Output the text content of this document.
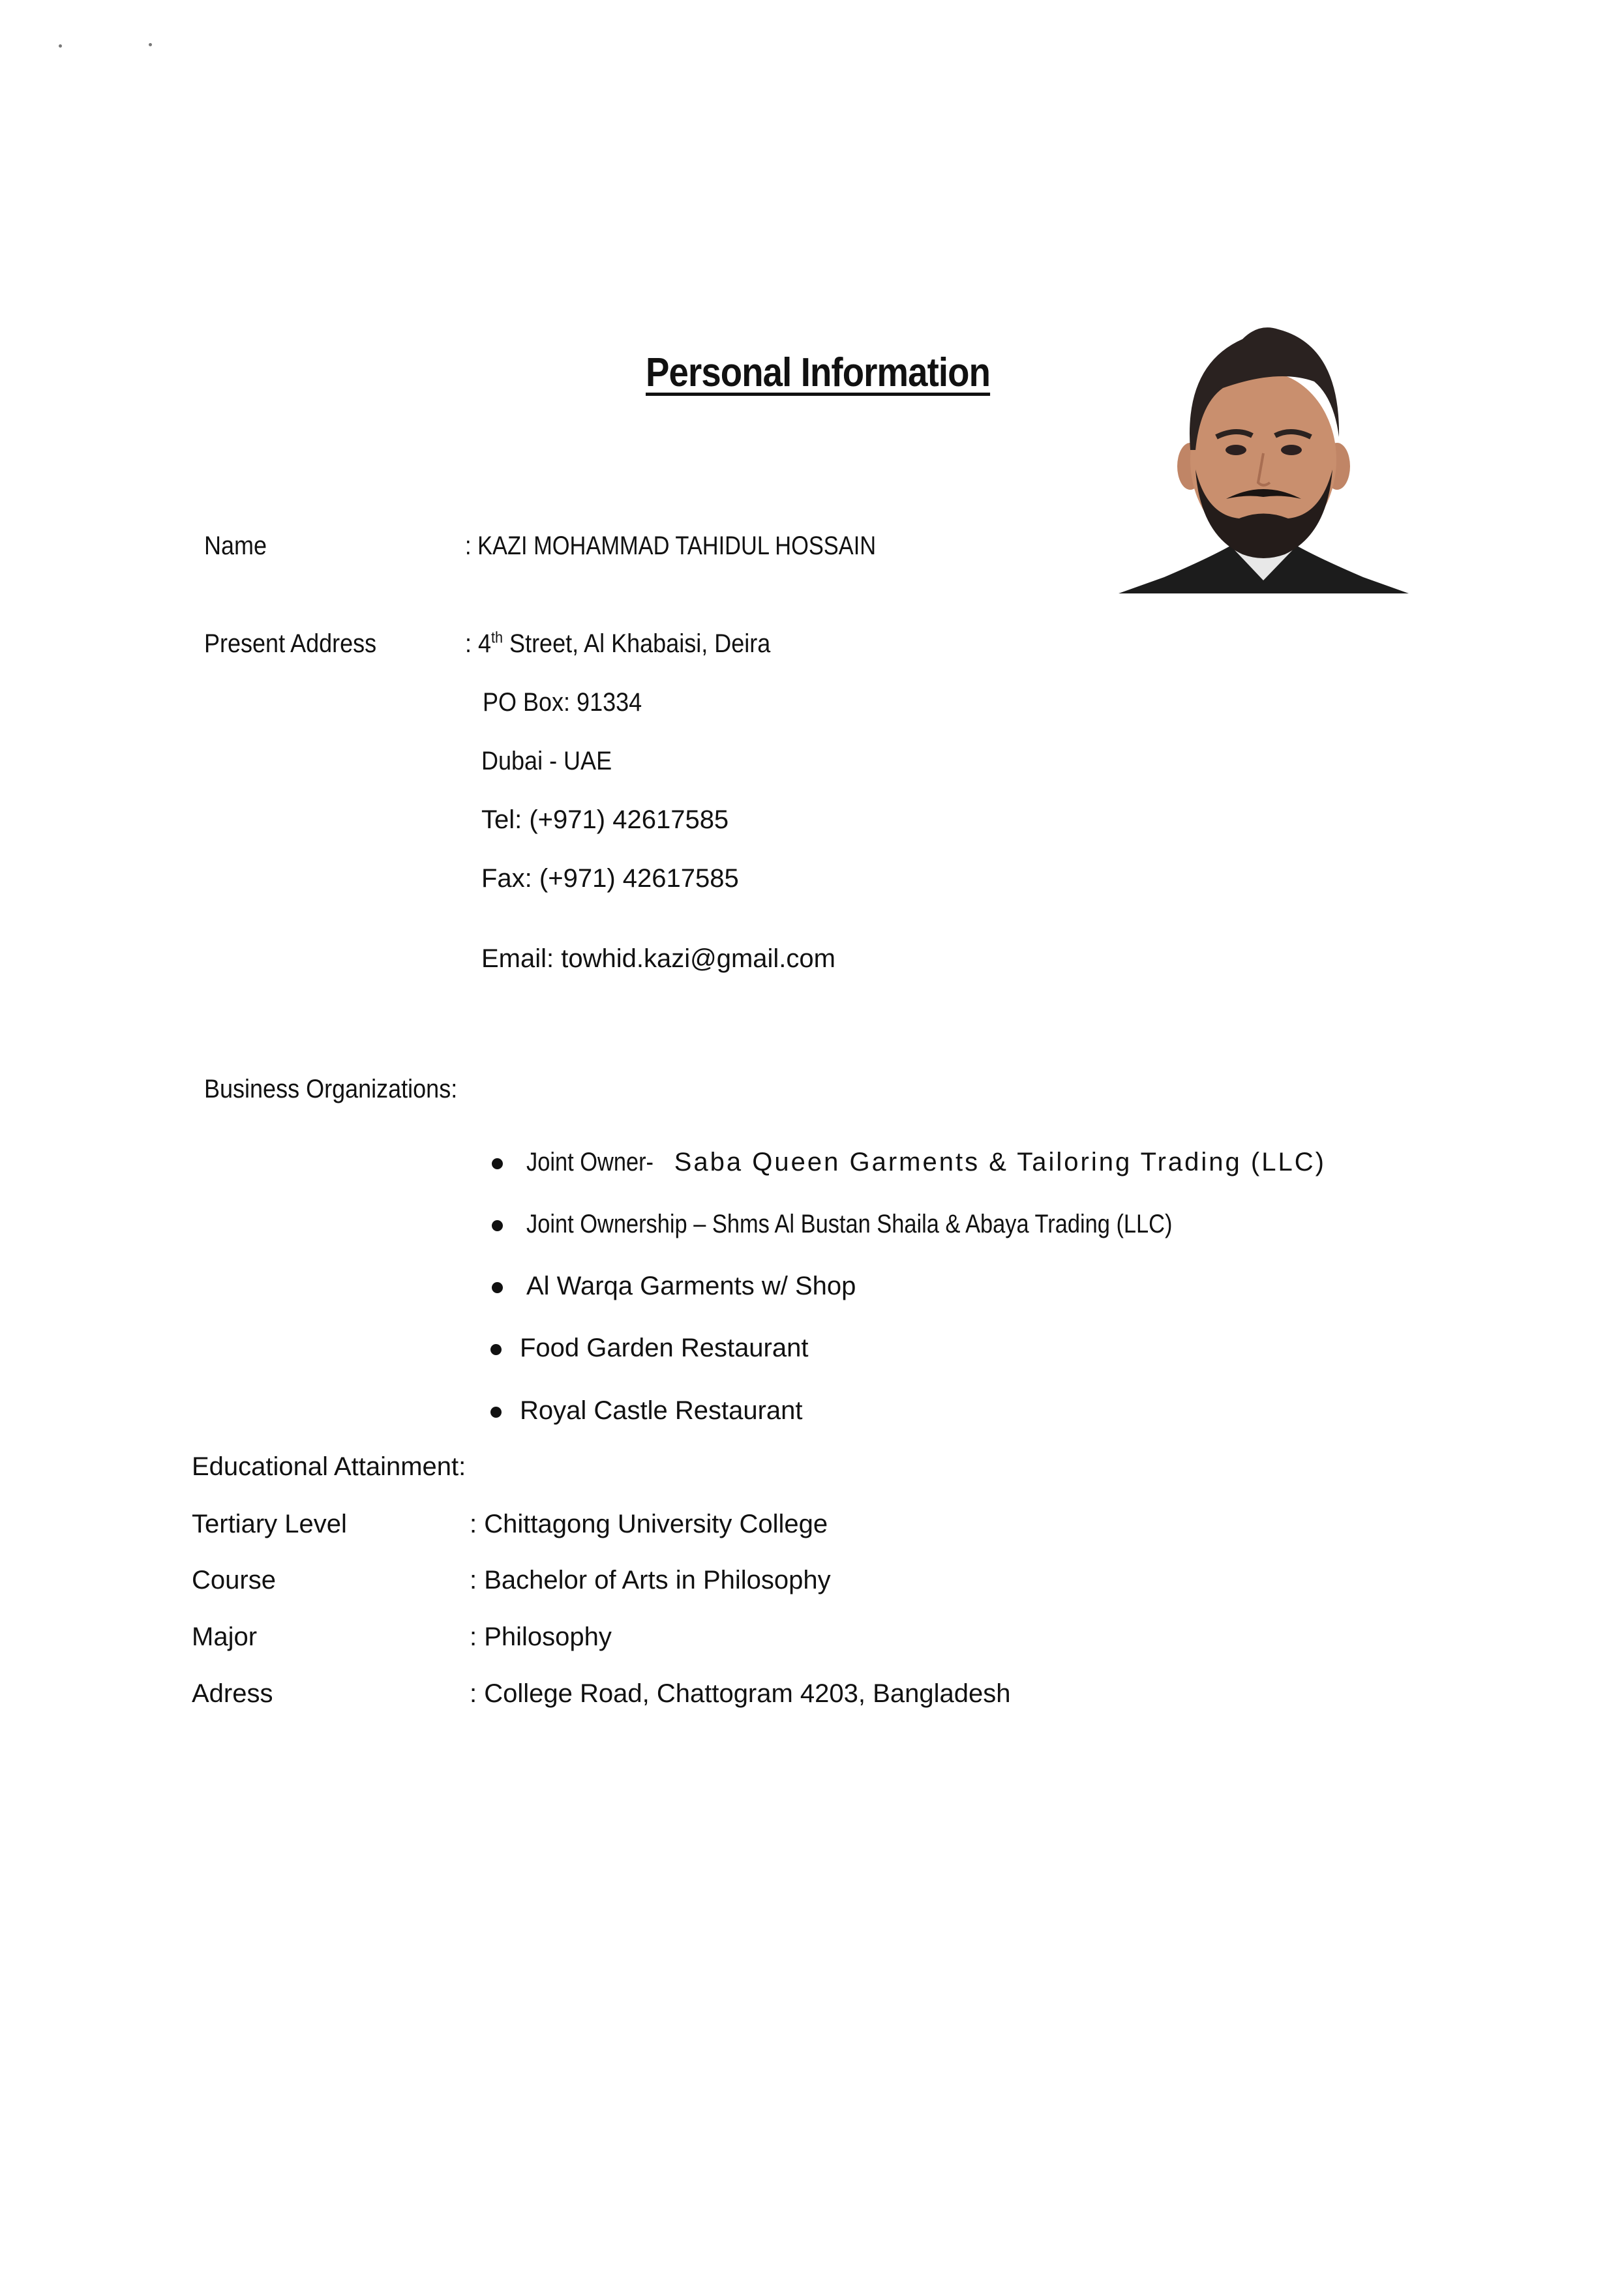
Personal Information
Name	: KAZI MOHAMMAD TAHIDUL HOSSAIN
Present Address	: 4th Street, Al Khabaisi, Deira
PO Box: 91334
Dubai - UAE
Tel: (+971) 42617585
Fax: (+971) 42617585
Email: towhid.kazi@gmail.com
Business Organizations:
Joint Owner-Saba Queen Garments & Tailoring Trading (LLC)
Joint Ownership – Shms Al Bustan Shaila & Abaya Trading (LLC)
Al Warqa Garments w/ Shop
Food Garden Restaurant
Royal Castle Restaurant
Educational Attainment:
Tertiary Level	: Chittagong University College
Course	: Bachelor of Arts in Philosophy
Major	: Philosophy
Adress	: College Road, Chattogram 4203, Bangladesh
